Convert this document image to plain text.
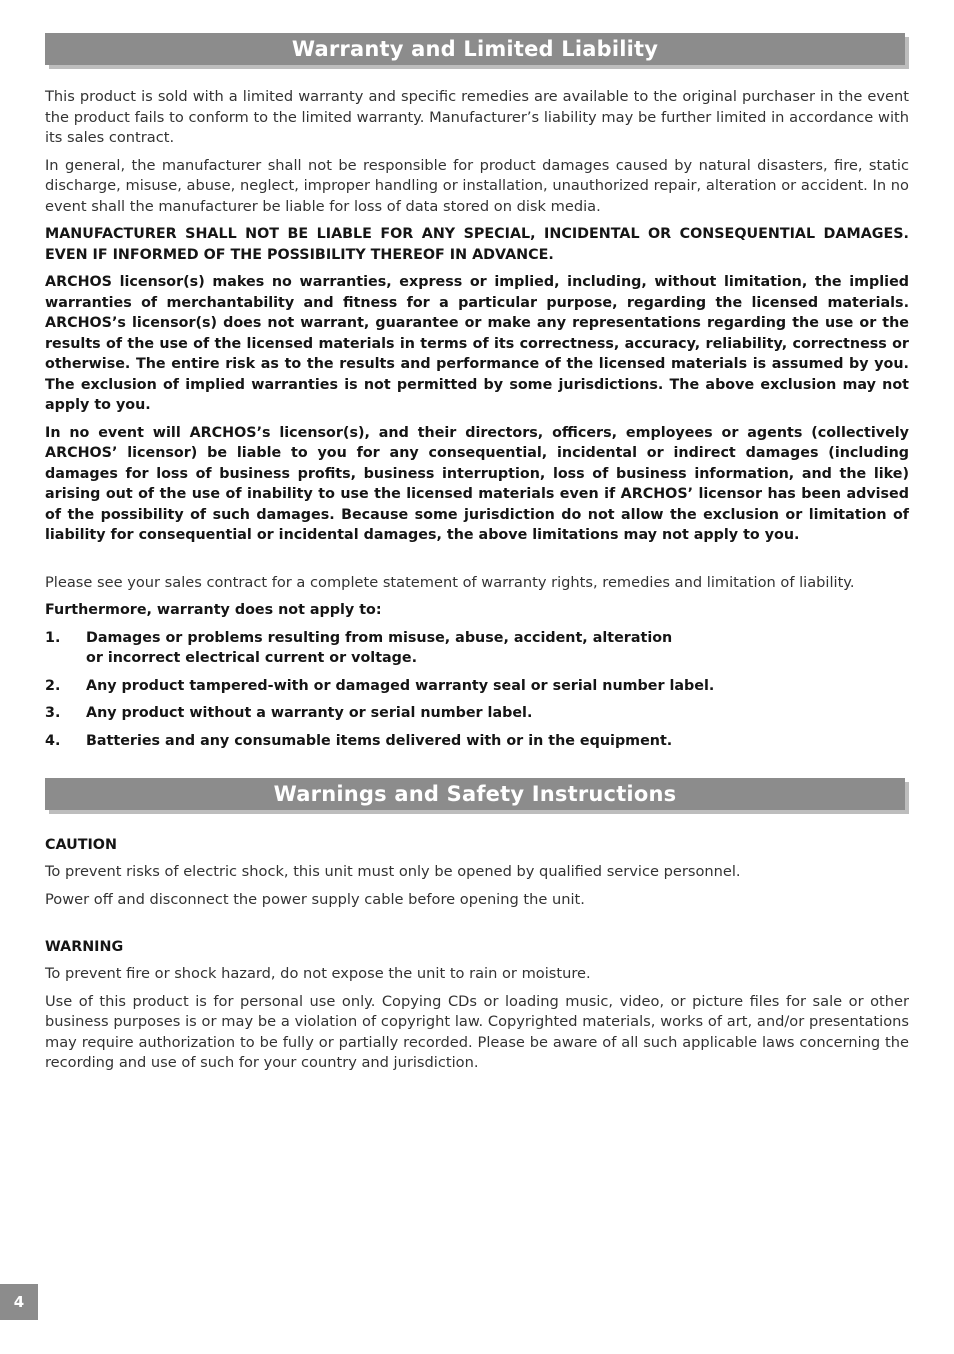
Warranty and Limited Liability

This product is sold with a limited warranty and specific remedies are available to the original purchaser in the event the product fails to conform to the limited warranty. Manufacturer’s liability may be further limited in accordance with its sales contract.

In general, the manufacturer shall not be responsible for product damages caused by natural disasters, fire, static discharge, misuse, abuse, neglect, improper handling or installation, unauthorized repair, alteration or accident. In no event shall the manufacturer be liable for loss of data stored on disk media.

MANUFACTURER SHALL NOT BE LIABLE FOR ANY SPECIAL, INCIDENTAL OR CONSEQUENTIAL DAMAGES. EVEN IF INFORMED OF THE POSSIBILITY THEREOF IN ADVANCE.

ARCHOS licensor(s) makes no warranties, express or implied, including, without limitation, the implied warranties of merchantability and fitness for a particular purpose, regarding the licensed materials. ARCHOS’s licensor(s) does not warrant, guarantee or make any representations regarding the use or the results of the use of the licensed materials in terms of its correctness, accuracy, reliability, correctness or otherwise. The entire risk as to the results and performance of the licensed materials is assumed by you. The exclusion of implied warranties is not permitted by some jurisdictions. The above exclusion may not apply to you.

In no event will ARCHOS’s licensor(s), and their directors, officers, employees or agents (collectively ARCHOS’ licensor) be liable to you for any consequential, incidental or indirect damages (including damages for loss of business profits, business interruption, loss of business information, and the like) arising out of the use of inability to use the licensed materials even if ARCHOS’ licensor has been advised of the possibility of such damages. Because some jurisdiction do not allow the exclusion or limitation of liability for consequential or incidental damages, the above limitations may not apply to you.

Please see your sales contract for a complete statement of warranty rights, remedies and limitation of liability.

Furthermore, warranty does not apply to:

1.	Damages or problems resulting from misuse, abuse, accident, alteration or incorrect electrical current or voltage.
2.	Any product tampered-with or damaged warranty seal or serial number label.
3.	Any product without a warranty or serial number label.
4.	Batteries and any consumable items delivered with or in the equipment.
Warnings and Safety Instructions

CAUTION

To prevent risks of electric shock, this unit must only be opened by qualified service personnel.

Power off and disconnect the power supply cable before opening the unit.

WARNING

To prevent fire or shock hazard, do not expose the unit to rain or moisture.

Use of this product is for personal use only. Copying CDs or loading music, video, or picture files for sale or other business purposes is or may be a violation of copyright law. Copyrighted materials, works of art, and/or presentations may require authorization to be fully or partially recorded. Please be aware of all such applicable laws concerning the recording and use of such for your country and jurisdiction.

4
